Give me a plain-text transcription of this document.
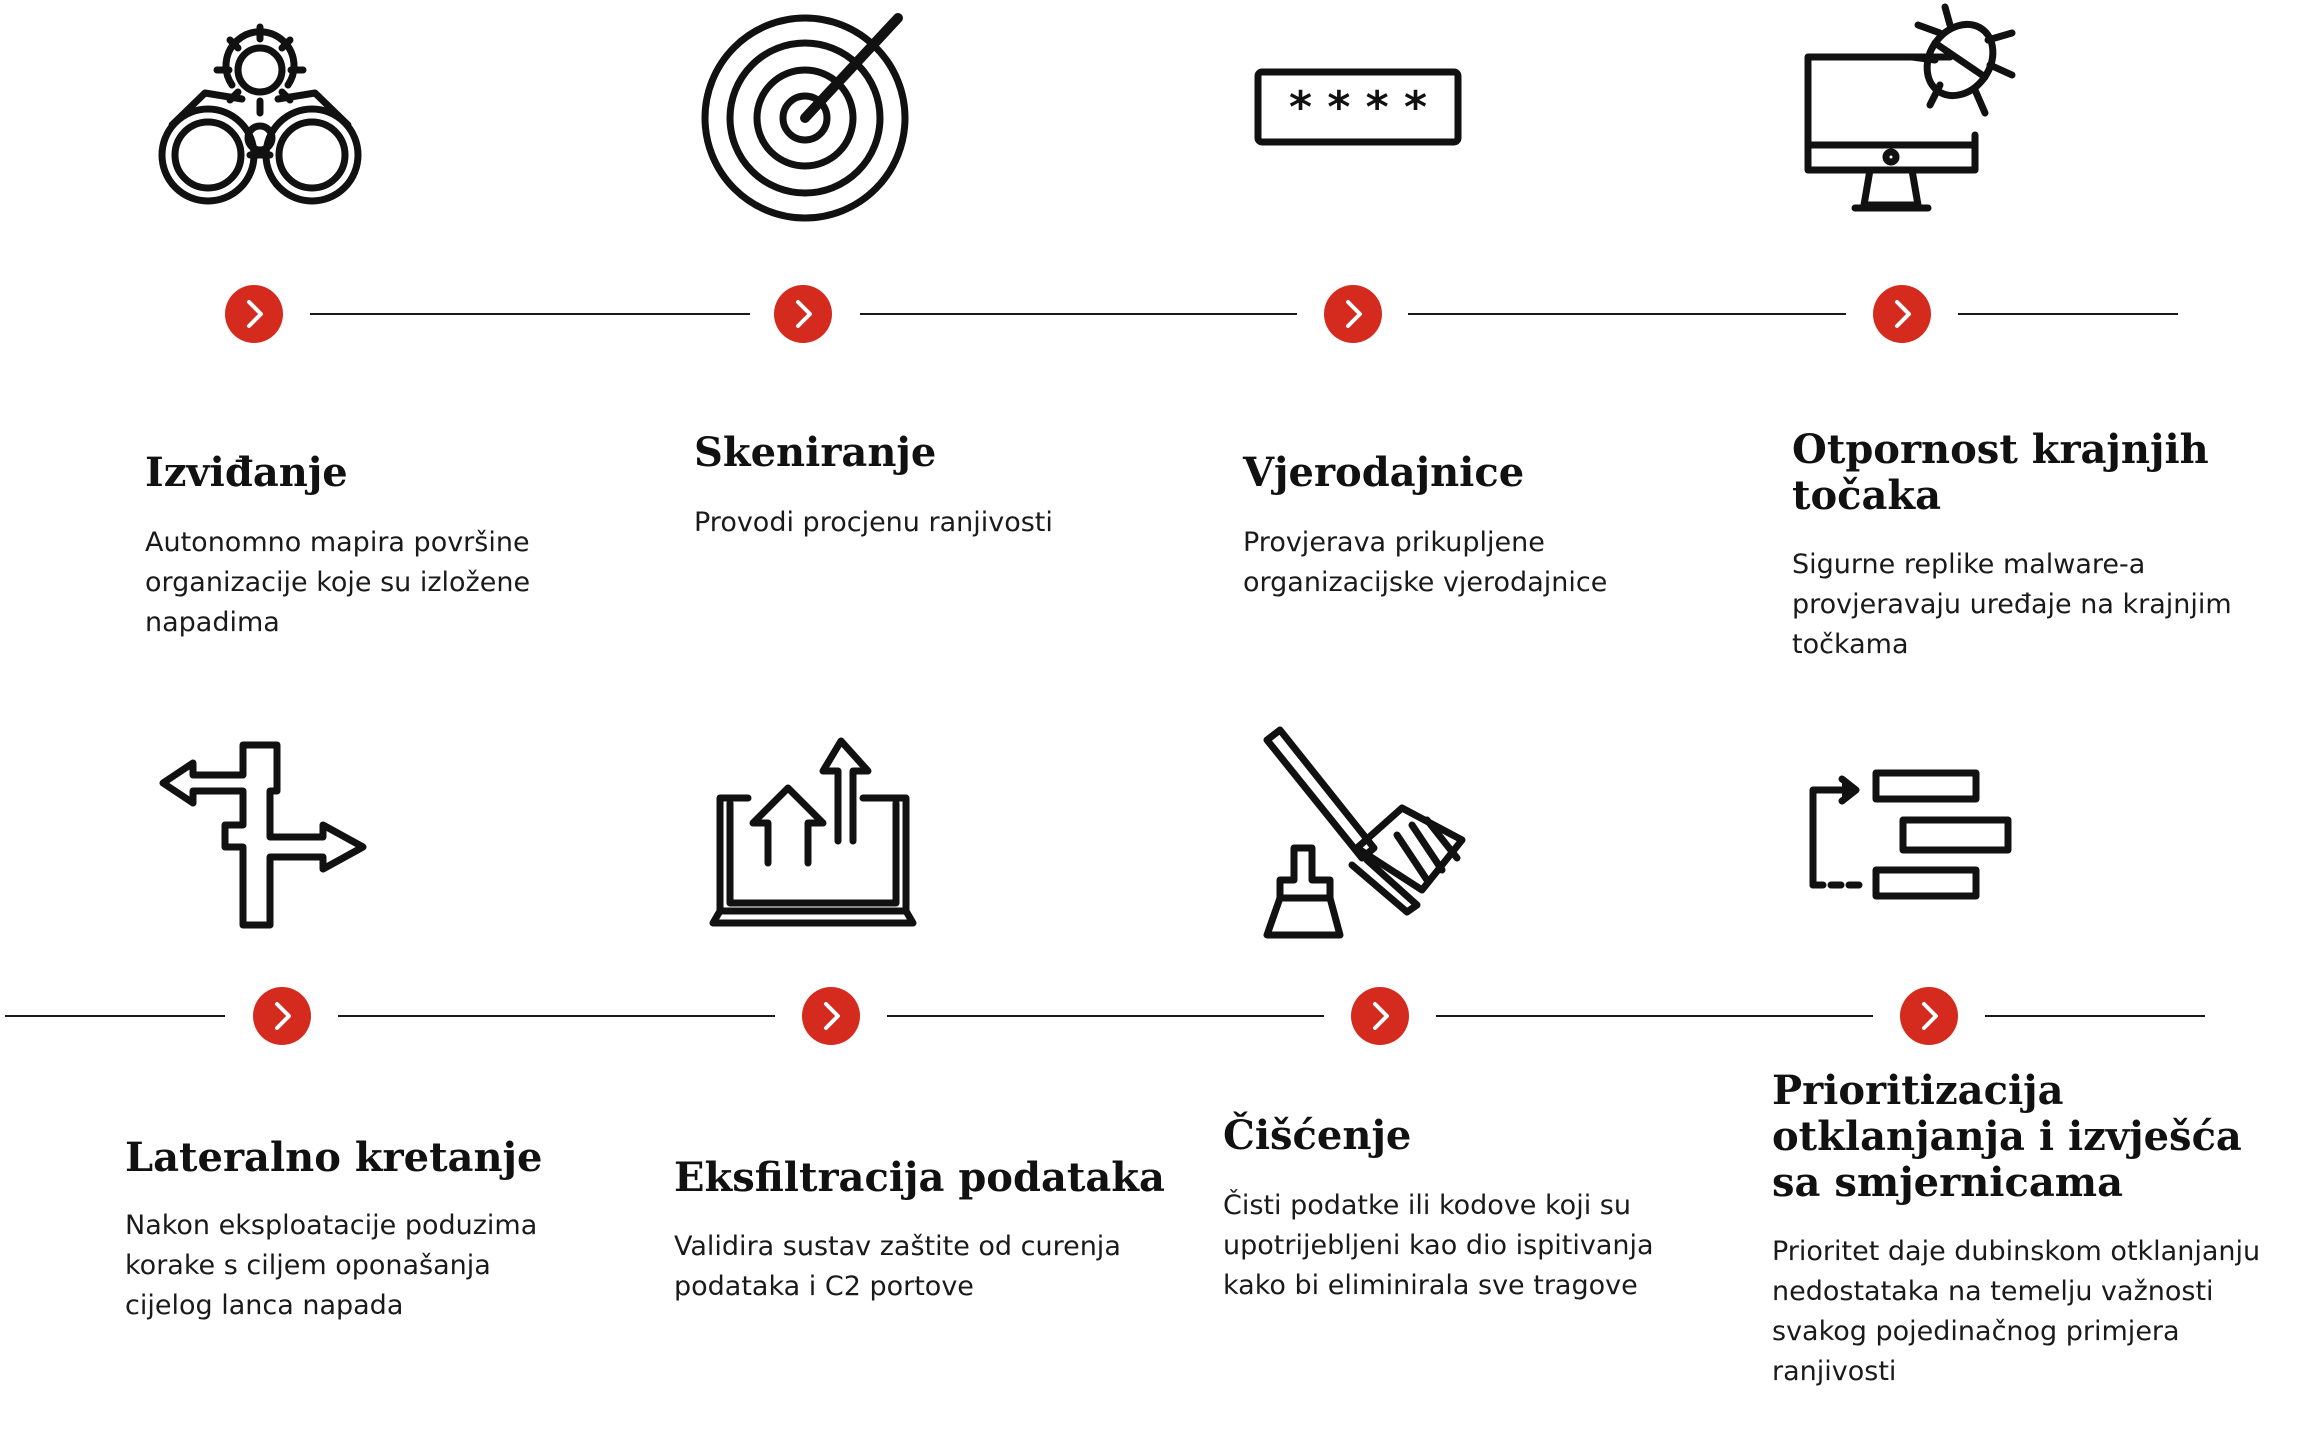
* * * *
Izviđanje

Autonomno mapira površine organizacije koje su izložene napadima

Skeniranje

Provodi procjenu ranjivosti

Vjerodajnice

Provjerava prikupljene organizacijske vjerodajnice

Otpornost krajnjih točaka

Sigurne replike malware-a provjeravaju uređaje na krajnjim točkama

Lateralno kretanje

Nakon eksploatacije poduzima korake s ciljem oponašanja cijelog lanca napada

Eksfiltracija podataka

Validira sustav zaštite od curenja podataka i C2 portove

Čišćenje

Čisti podatke ili kodove koji su upotrijebljeni kao dio ispitivanja kako bi eliminirala sve tragove

Prioritizacija otklanjanja i izvješća sa smjernicama

Prioritet daje dubinskom otklanjanju nedostataka na temelju važnosti svakog pojedinačnog primjera ranjivosti
